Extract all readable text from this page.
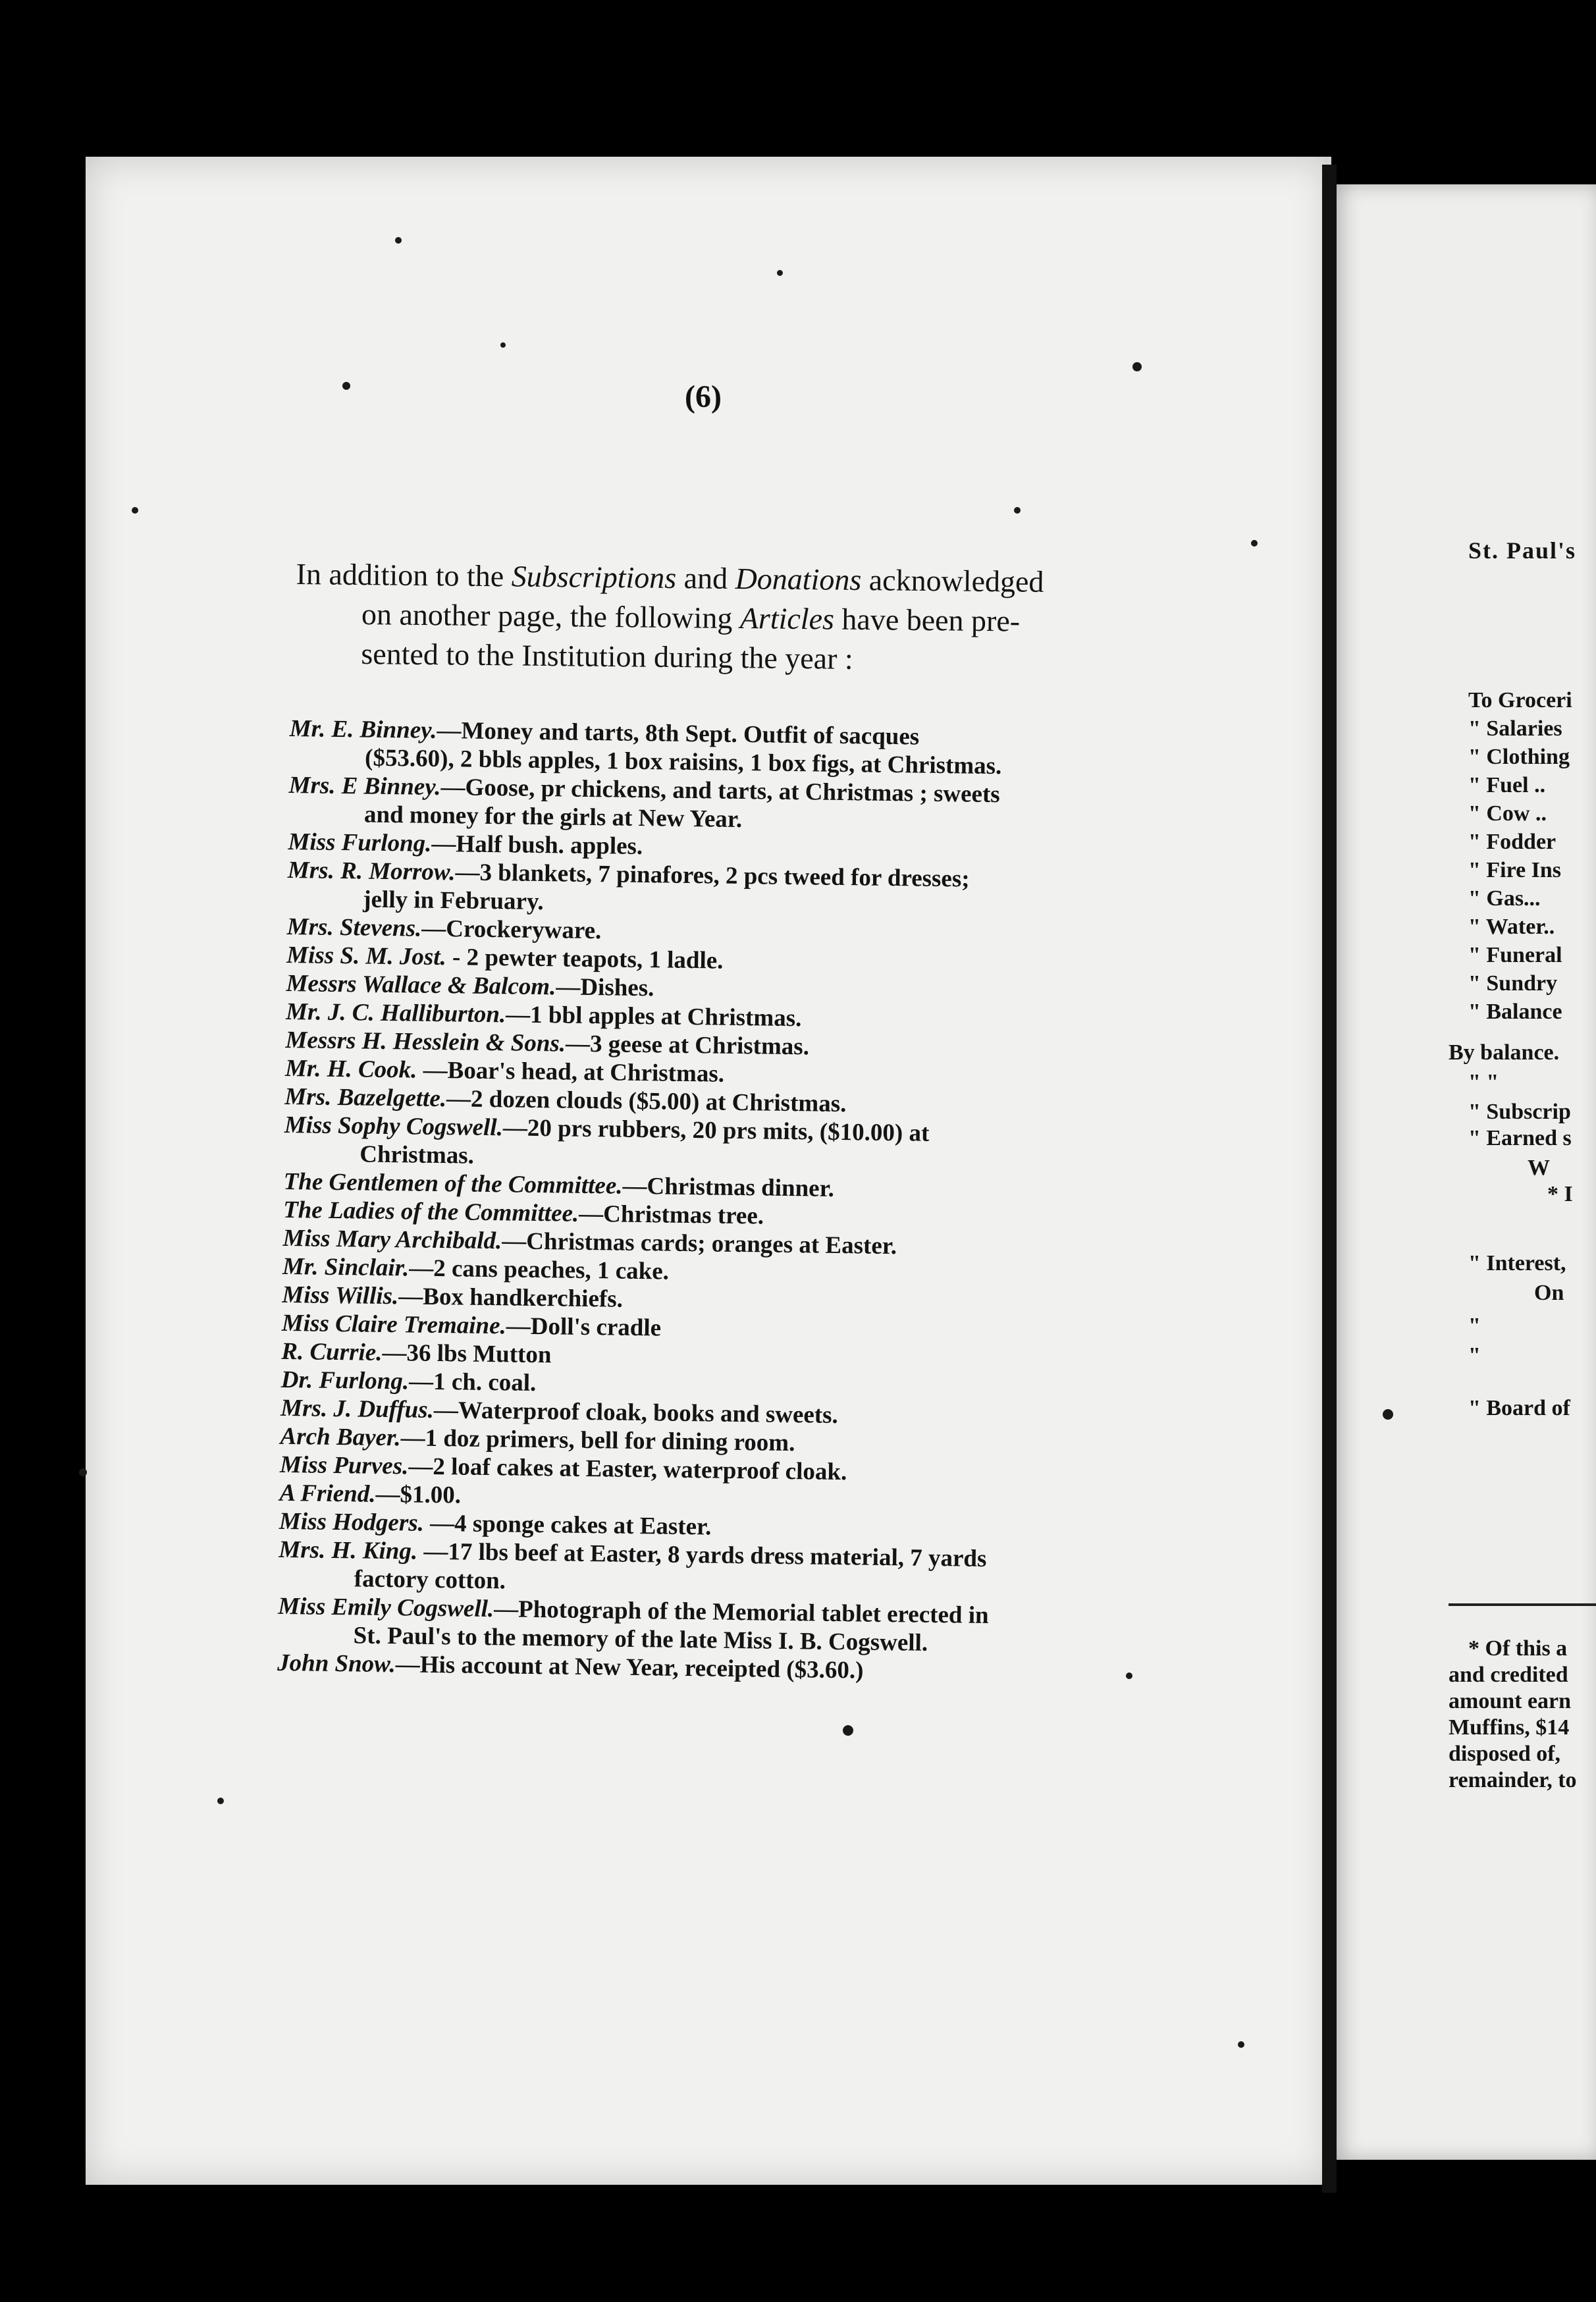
St. Paul's
To Groceri
" Salaries
" Clothing
" Fuel ..
" Cow ..
" Fodder
" Fire Ins
" Gas...
" Water..
" Funeral
" Sundry
" Balance
By balance.
" "
" Subscrip
" Earned s
W
* I
" Interest,
On
"
"
" Board of
* Of this a
and credited
amount earn
Muffins, $14
disposed of,
remainder, to
(6)
In addition to the Subscriptions and Donations acknowledged
on another page, the following Articles have been pre-
sented to the Institution during the year :
Mr. E. Binney.—Money and tarts, 8th Sept. Outfit of sacques
($53.60), 2 bbls apples, 1 box raisins, 1 box figs, at Christmas.
Mrs. E Binney.—Goose, pr chickens, and tarts, at Christmas ; sweets
and money for the girls at New Year.
Miss Furlong.—Half bush. apples.
Mrs. R. Morrow.—3 blankets, 7 pinafores, 2 pcs tweed for dresses;
jelly in February.
Mrs. Stevens.—Crockeryware.
Miss S. M. Jost. - 2 pewter teapots, 1 ladle.
Messrs Wallace & Balcom.—Dishes.
Mr. J. C. Halliburton.—1 bbl apples at Christmas.
Messrs H. Hesslein & Sons.—3 geese at Christmas.
Mr. H. Cook. —Boar's head, at Christmas.
Mrs. Bazelgette.—2 dozen clouds ($5.00) at Christmas.
Miss Sophy Cogswell.—20 prs rubbers, 20 prs mits, ($10.00) at
Christmas.
The Gentlemen of the Committee.—Christmas dinner.
The Ladies of the Committee.—Christmas tree.
Miss Mary Archibald.—Christmas cards; oranges at Easter.
Mr. Sinclair.—2 cans peaches, 1 cake.
Miss Willis.—Box handkerchiefs.
Miss Claire Tremaine.—Doll's cradle
R. Currie.—36 lbs Mutton
Dr. Furlong.—1 ch. coal.
Mrs. J. Duffus.—Waterproof cloak, books and sweets.
Arch Bayer.—1 doz primers, bell for dining room.
Miss Purves.—2 loaf cakes at Easter, waterproof cloak.
A Friend.—$1.00.
Miss Hodgers. —4 sponge cakes at Easter.
Mrs. H. King. —17 lbs beef at Easter, 8 yards dress material, 7 yards
factory cotton.
Miss Emily Cogswell.—Photograph of the Memorial tablet erected in
St. Paul's to the memory of the late Miss I. B. Cogswell.
John Snow.—His account at New Year, receipted ($3.60.)
